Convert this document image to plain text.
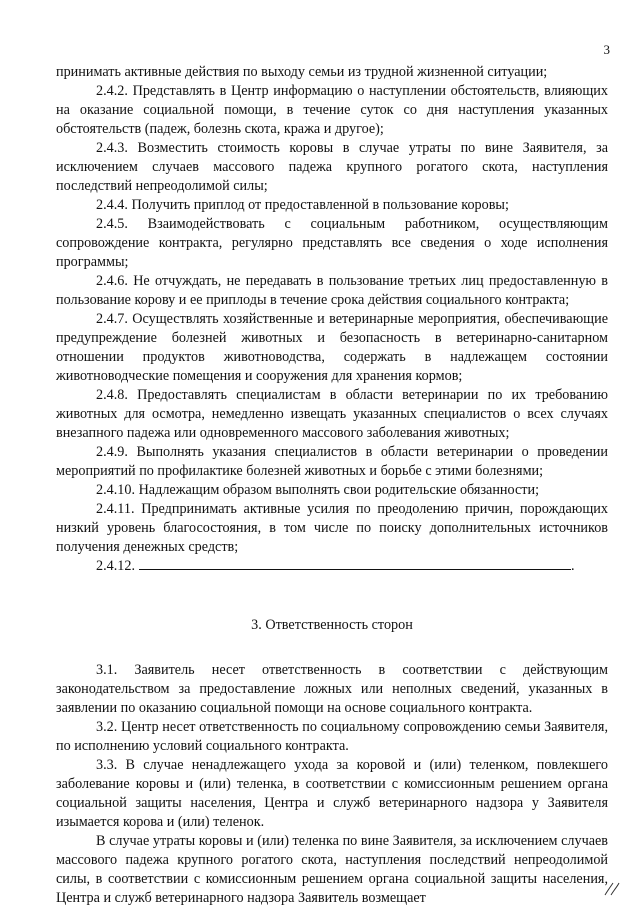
3

принимать активные действия по выходу семьи из трудной жизненной ситуации;

2.4.2. Представлять в Центр информацию о наступлении обстоятельств, влияющих на оказание социальной помощи, в течение суток со дня наступления указанных обстоятельств (падеж, болезнь скота, кража и другое);

2.4.3. Возместить стоимость коровы в случае утраты по вине Заявителя, за исключением случаев массового падежа крупного рогатого скота, наступления последствий непреодолимой силы;

2.4.4. Получить приплод от предоставленной в пользование коровы;

2.4.5. Взаимодействовать с социальным работником, осуществляющим сопровождение контракта, регулярно представлять все сведения о ходе исполнения программы;

2.4.6. Не отчуждать, не передавать в пользование третьих лиц предоставленную в пользование корову и ее приплоды в течение срока действия социального контракта;

2.4.7. Осуществлять хозяйственные и ветеринарные мероприятия, обеспечивающие предупреждение болезней животных и безопасность в ветеринарно-санитарном отношении продуктов животноводства, содержать в надлежащем состоянии животноводческие помещения и сооружения для хранения кормов;

2.4.8. Предоставлять специалистам в области ветеринарии по их требованию животных для осмотра, немедленно извещать указанных специалистов о всех случаях внезапного падежа или одновременного массового заболевания животных;

2.4.9. Выполнять указания специалистов в области ветеринарии о проведении мероприятий по профилактике болезней животных и борьбе с этими болезнями;

2.4.10. Надлежащим образом выполнять свои родительские обязанности;

2.4.11. Предпринимать активные усилия по преодолению причин, порождающих низкий уровень благосостояния, в том числе по поиску дополнительных источников получения денежных средств;

2.4.12.	.

3. Ответственность сторон

3.1. Заявитель несет ответственность в соответствии с действующим законодательством за предоставление ложных или неполных сведений, указанных в заявлении по оказанию социальной помощи на основе социального контракта.

3.2. Центр несет ответственность по социальному сопровождению семьи Заявителя, по исполнению условий социального контракта.

3.3. В случае ненадлежащего ухода за коровой и (или) теленком, повлекшего заболевание коровы и (или) теленка, в соответствии с комиссионным решением органа социальной защиты населения, Центра и служб ветеринарного надзора у Заявителя изымается корова и (или) теленок.

В случае утраты коровы и (или) теленка по вине Заявителя, за исключением случаев массового падежа крупного рогатого скота, наступления последствий непреодолимой силы, в соответствии с комиссионным решением органа социальной защиты населения, Центра и служб ветеринарного надзора Заявитель возмещает
